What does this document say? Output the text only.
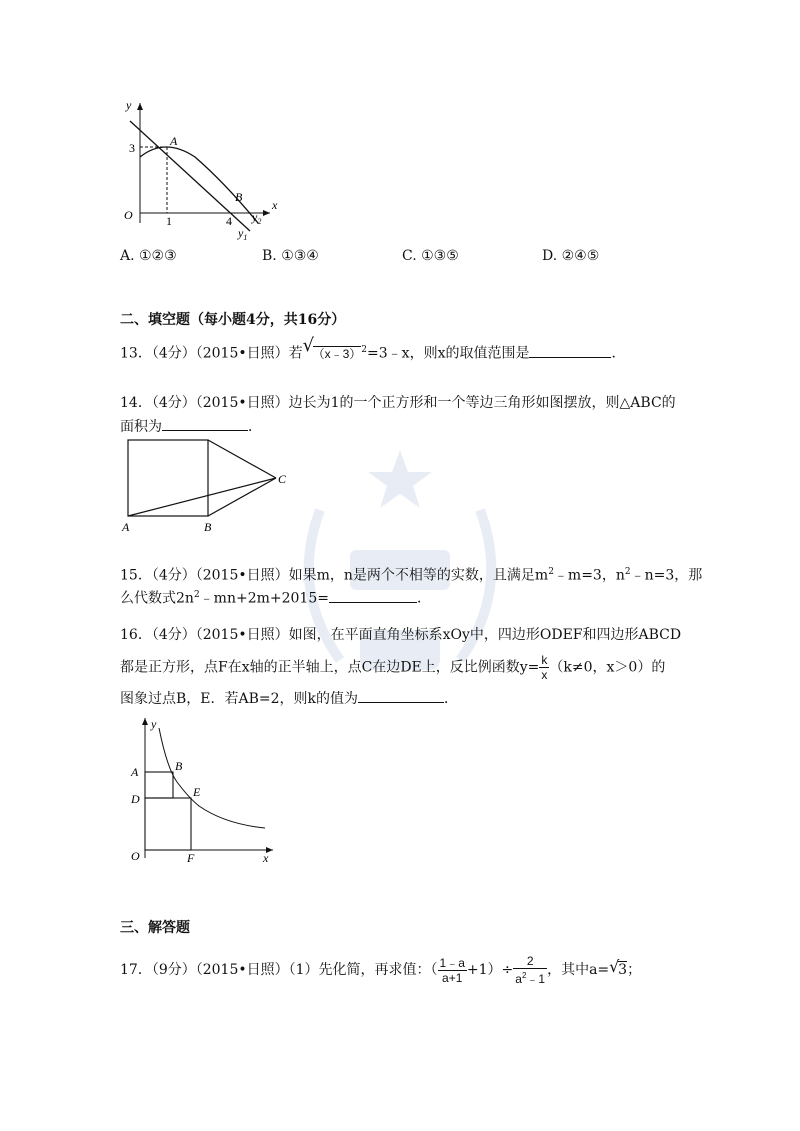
y
x
O
3
1	4
A
B
$y_1$
$y_2$
A. ①②③	B. ①③④	C. ①③⑤	D. ②④⑤
二、填空题（每小题4分，共16分）
13．（4分）（2015•日照）若 √
（x﹣3）$^2$=3﹣x，则x的取值范围是	．
14．（4分）（2015•日照）边长为1的一个正方形和一个等边三角形如图摆放，则△ABC的
面积为	．
A	B
C
15．（4分）（2015•日照）如果m，n是两个不相等的实数，且满足$m^2﹣m=3$，$n^2﹣n=3$，那
么代数式$2n^2﹣mn+2m+2015=$	．
16．（4分）（2015•日照）如图，在平面直角坐标系xOy中，四边形ODEF和四边形ABCD
都是正方形，点F在x轴的正半轴上，点C在边DE上，反比例函数$y= \frac{k}{x} (k\ne 0$，x＞0）的
图象过点B，E．若AB=2，则k的值为	．
y
x
O
A	B
D	E
F
三、解答题
17．（9分）（2015•日照）（1）先化简，再求值：（ $\frac{1﹣a}{a+1} +1)\div \frac{2}{a^2﹣1}$ ，其中a= √
3；
